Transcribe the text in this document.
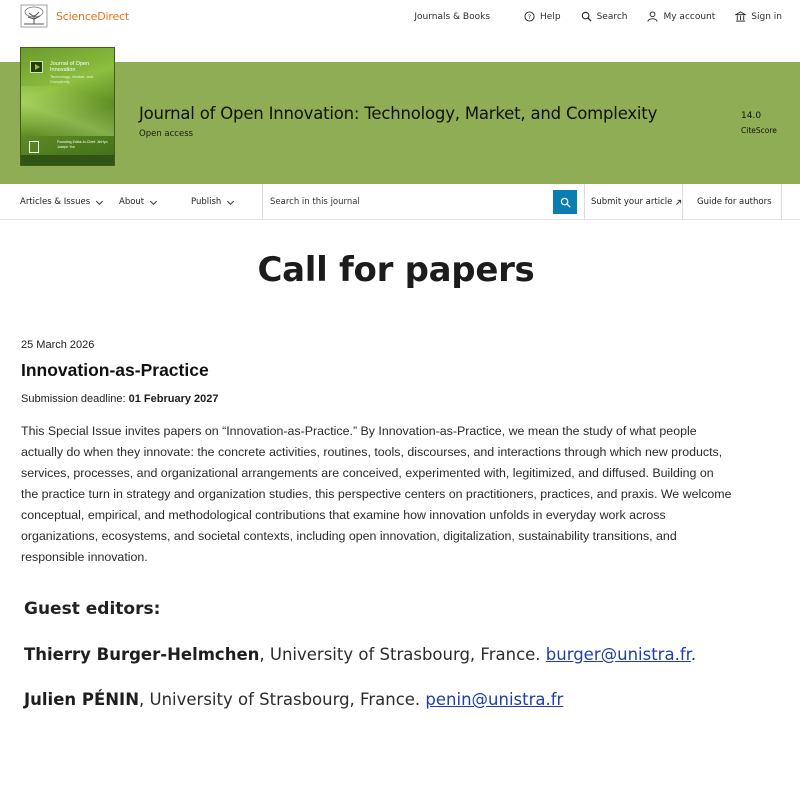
ScienceDirect	Journals & Books	? Help	Search	My account	Sign in
Journal of Open Innovation
Technology, Market, and Complexity
Founding Editor-in-Chief: JinHyo Joseph Yun
Journal of Open Innovation: Technology, Market, and Complexity
Open access
14.0
CiteScore
Articles & Issues	About	Publish
Search in this journal	Submit your article	Guide for authors
Call for papers
25 March 2026
Innovation-as-Practice
Submission deadline: 01 February 2027

This Special Issue invites papers on “Innovation-as-Practice.” By Innovation-as-Practice, we mean the study of what people actually do when they innovate: the concrete activities, routines, tools, discourses, and interactions through which new products, services, processes, and organizational arrangements are conceived, experimented with, legitimized, and diffused. Building on the practice turn in strategy and organization studies, this perspective centers on practitioners, practices, and praxis. We welcome conceptual, empirical, and methodological contributions that examine how innovation unfolds in everyday work across organizations, ecosystems, and societal contexts, including open innovation, digitalization, sustainability transitions, and responsible innovation.

Guest editors:
Thierry Burger-Helmchen, University of Strasbourg, France. burger@unistra.fr.
Julien PÉNIN, University of Strasbourg, France. penin@unistra.fr
